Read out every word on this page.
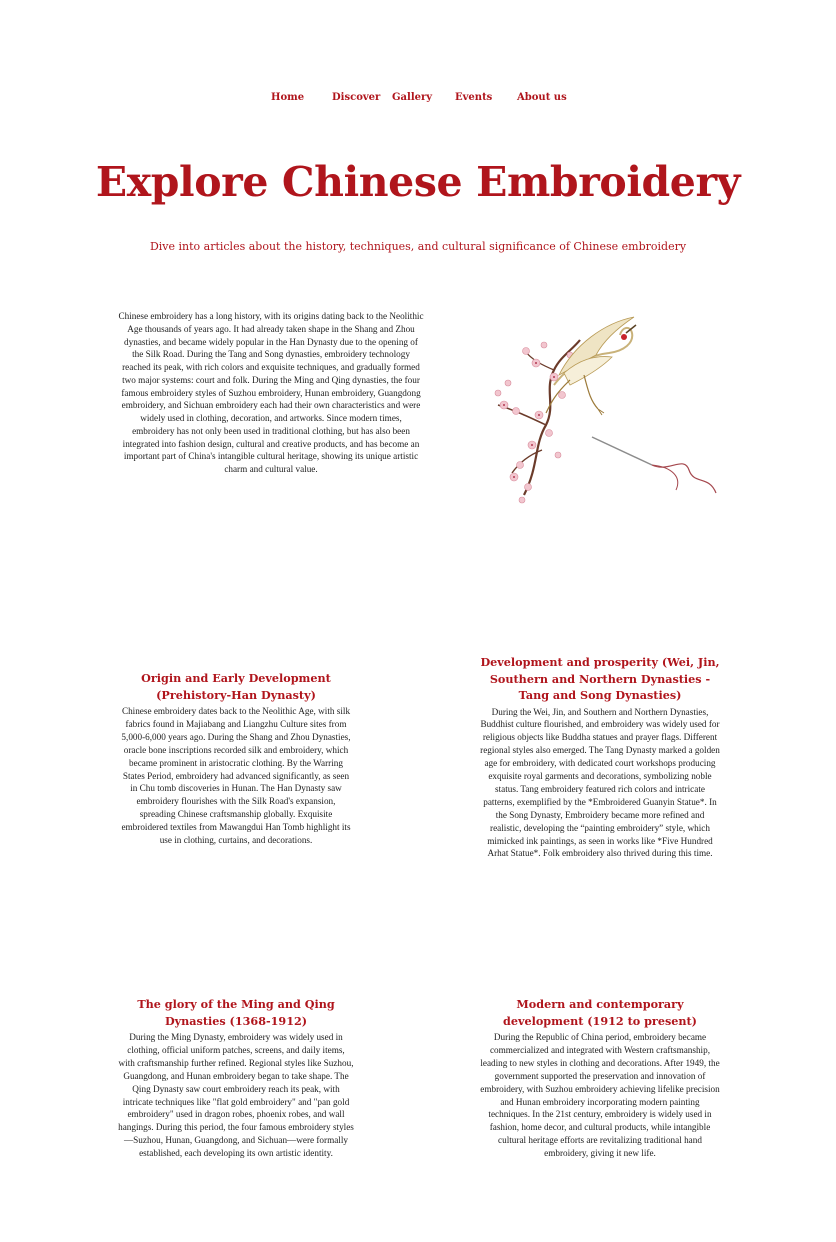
Home	Discover Gallery Events About us
Explore Chinese Embroidery
Dive into articles about the history, techniques, and cultural significance of Chinese embroidery

Chinese embroidery has a long history, with its origins dating back to the Neolithic Age thousands of years ago. It had already taken shape in the Shang and Zhou dynasties, and became widely popular in the Han Dynasty due to the opening of the Silk Road. During the Tang and Song dynasties, embroidery technology reached its peak, with rich colors and exquisite techniques, and gradually formed two major systems: court and folk. During the Ming and Qing dynasties, the four famous embroidery styles of Suzhou embroidery, Hunan embroidery, Guangdong embroidery, and Sichuan embroidery each had their own characteristics and were widely used in clothing, decoration, and artworks. Since modern times, embroidery has not only been used in traditional clothing, but has also been integrated into fashion design, cultural and creative products, and has become an important part of China's intangible cultural heritage, showing its unique artistic charm and cultural value.

Origin and Early Development (Prehistory-Han Dynasty)

Chinese embroidery dates back to the Neolithic Age, with silk fabrics found in Majiabang and Liangzhu Culture sites from 5,000-6,000 years ago. During the Shang and Zhou Dynasties, oracle bone inscriptions recorded silk and embroidery, which became prominent in aristocratic clothing. By the Warring States Period, embroidery had advanced significantly, as seen in Chu tomb discoveries in Hunan. The Han Dynasty saw embroidery flourishes with the Silk Road's expansion, spreading Chinese craftsmanship globally. Exquisite embroidered textiles from Mawangdui Han Tomb highlight its use in clothing, curtains, and decorations.

Development and prosperity (Wei, Jin, Southern and Northern Dynasties - Tang and Song Dynasties)

During the Wei, Jin, and Southern and Northern Dynasties, Buddhist culture flourished, and embroidery was widely used for religious objects like Buddha statues and prayer flags. Different regional styles also emerged. The Tang Dynasty marked a golden age for embroidery, with dedicated court workshops producing exquisite royal garments and decorations, symbolizing noble status. Tang embroidery featured rich colors and intricate patterns, exemplified by the *Embroidered Guanyin Statue*. In the Song Dynasty, Embroidery became more refined and realistic, developing the “painting embroidery” style, which mimicked ink paintings, as seen in works like *Five Hundred Arhat Statue*. Folk embroidery also thrived during this time.

The glory of the Ming and Qing Dynasties (1368-1912)

During the Ming Dynasty, embroidery was widely used in clothing, official uniform patches, screens, and daily items, with craftsmanship further refined. Regional styles like Suzhou, Guangdong, and Hunan embroidery began to take shape. The Qing Dynasty saw court embroidery reach its peak, with intricate techniques like "flat gold embroidery" and "pan gold embroidery" used in dragon robes, phoenix robes, and wall hangings. During this period, the four famous embroidery styles—Suzhou, Hunan, Guangdong, and Sichuan—were formally established, each developing its own artistic identity.

Modern and contemporary development (1912 to present)

During the Republic of China period, embroidery became commercialized and integrated with Western craftsmanship, leading to new styles in clothing and decorations. After 1949, the government supported the preservation and innovation of embroidery, with Suzhou embroidery achieving lifelike precision and Hunan embroidery incorporating modern painting techniques. In the 21st century, embroidery is widely used in fashion, home decor, and cultural products, while intangible cultural heritage efforts are revitalizing traditional hand embroidery, giving it new life.
